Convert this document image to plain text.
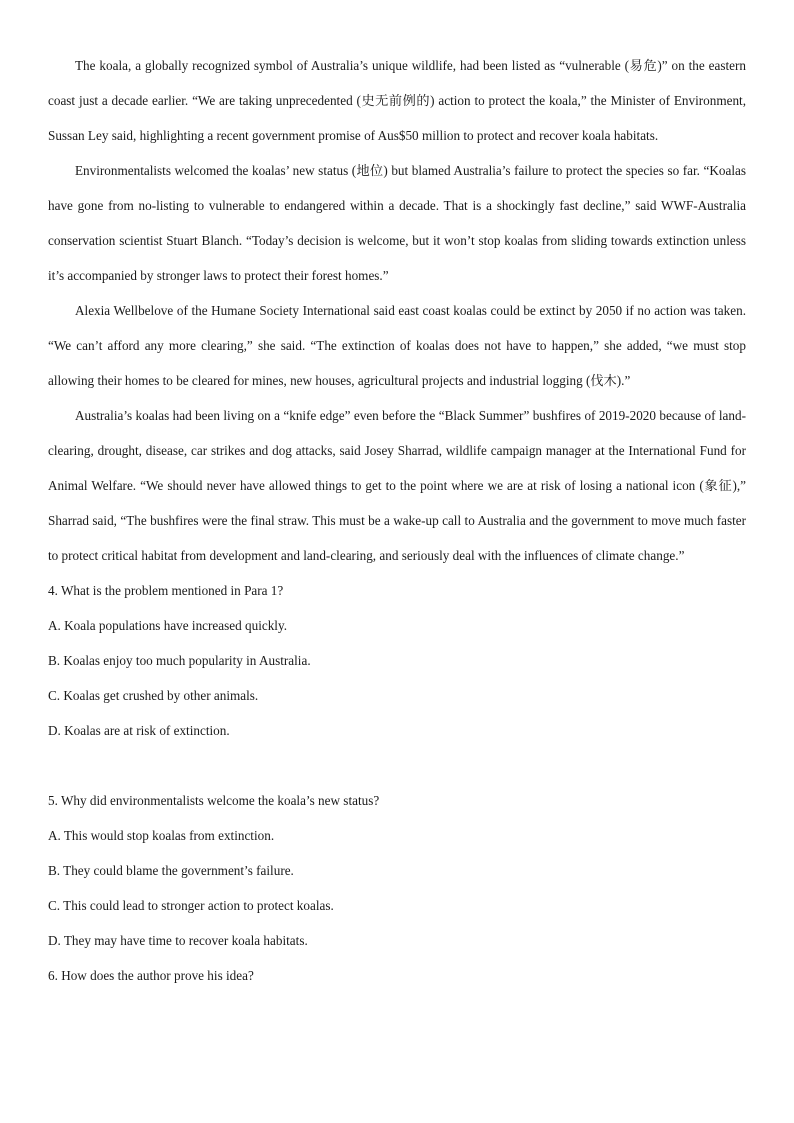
The koala, a globally recognized symbol of Australia’s unique wildlife, had been listed as “vulnerable (易危)” on the eastern coast just a decade earlier. “We are taking unprecedented (史无前例的) action to protect the koala,” the Minister of Environment, Sussan Ley said, highlighting a recent government promise of Aus$50 million to protect and recover koala habitats.

Environmentalists welcomed the koalas’ new status (地位) but blamed Australia’s failure to protect the species so far. “Koalas have gone from no-listing to vulnerable to endangered within a decade. That is a shockingly fast decline,” said WWF-Australia conservation scientist Stuart Blanch. “Today’s decision is welcome, but it won’t stop koalas from sliding towards extinction unless it’s accompanied by stronger laws to protect their forest homes.”

Alexia Wellbelove of the Humane Society International said east coast koalas could be extinct by 2050 if no action was taken. “We can’t afford any more clearing,” she said. “The extinction of koalas does not have to happen,” she added, “we must stop allowing their homes to be cleared for mines, new houses, agricultural projects and industrial logging (伐木).”

Australia’s koalas had been living on a “knife edge” even before the “Black Summer” bushfires of 2019-2020 because of land-clearing, drought, disease, car strikes and dog attacks, said Josey Sharrad, wildlife campaign manager at the International Fund for Animal Welfare. “We should never have allowed things to get to the point where we are at risk of losing a national icon (象征),” Sharrad said, “The bushfires were the final straw. This must be a wake-up call to Australia and the government to move much faster to protect critical habitat from development and land-clearing, and seriously deal with the influences of climate change.”

4. What is the problem mentioned in Para 1?

A. Koala populations have increased quickly.

B. Koalas enjoy too much popularity in Australia.

C. Koalas get crushed by other animals.

D. Koalas are at risk of extinction.

5. Why did environmentalists welcome the koala’s new status?

A. This would stop koalas from extinction.

B. They could blame the government’s failure.

C. This could lead to stronger action to protect koalas.

D. They may have time to recover koala habitats.

6. How does the author prove his idea?
